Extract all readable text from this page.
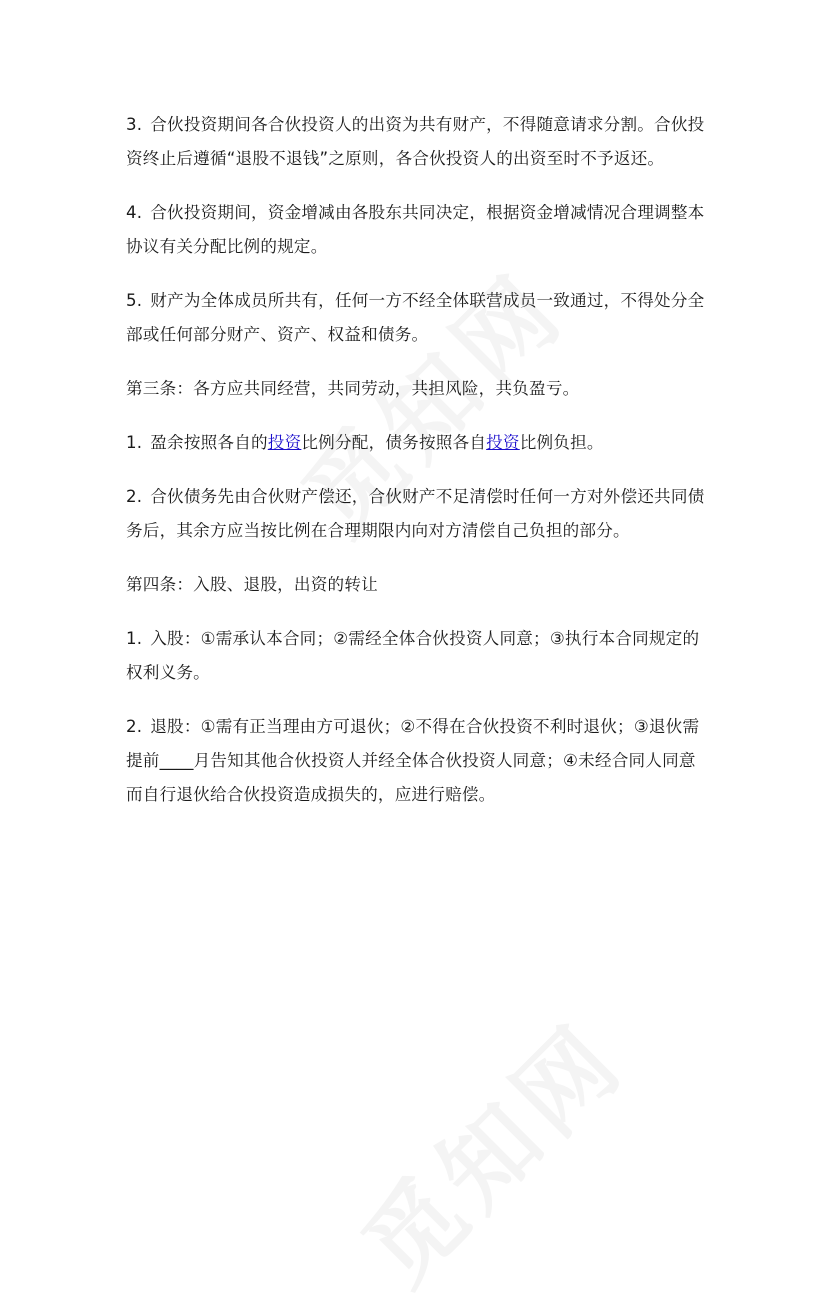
3. 合伙投资期间各合伙投资人的出资为共有财产，不得随意请求分割。合伙投资终止后遵循“退股不退钱”之原则，各合伙投资人的出资至时不予返还。

4. 合伙投资期间，资金增减由各股东共同决定，根据资金增减情况合理调整本协议有关分配比例的规定。

5. 财产为全体成员所共有，任何一方不经全体联营成员一致通过，不得处分全部或任何部分财产、资产、权益和债务。

第三条：各方应共同经营，共同劳动，共担风险，共负盈亏。

1. 盈余按照各自的投资比例分配，债务按照各自投资比例负担。

2. 合伙债务先由合伙财产偿还，合伙财产不足清偿时任何一方对外偿还共同债务后，其余方应当按比例在合理期限内向对方清偿自己负担的部分。

第四条：入股、退股，出资的转让

1. 入股：①需承认本合同；②需经全体合伙投资人同意；③执行本合同规定的权利义务。

2. 退股：①需有正当理由方可退伙；②不得在合伙投资不利时退伙；③退伙需提前____月告知其他合伙投资人并经全体合伙投资人同意；④未经合同人同意而自行退伙给合伙投资造成损失的，应进行赔偿。
